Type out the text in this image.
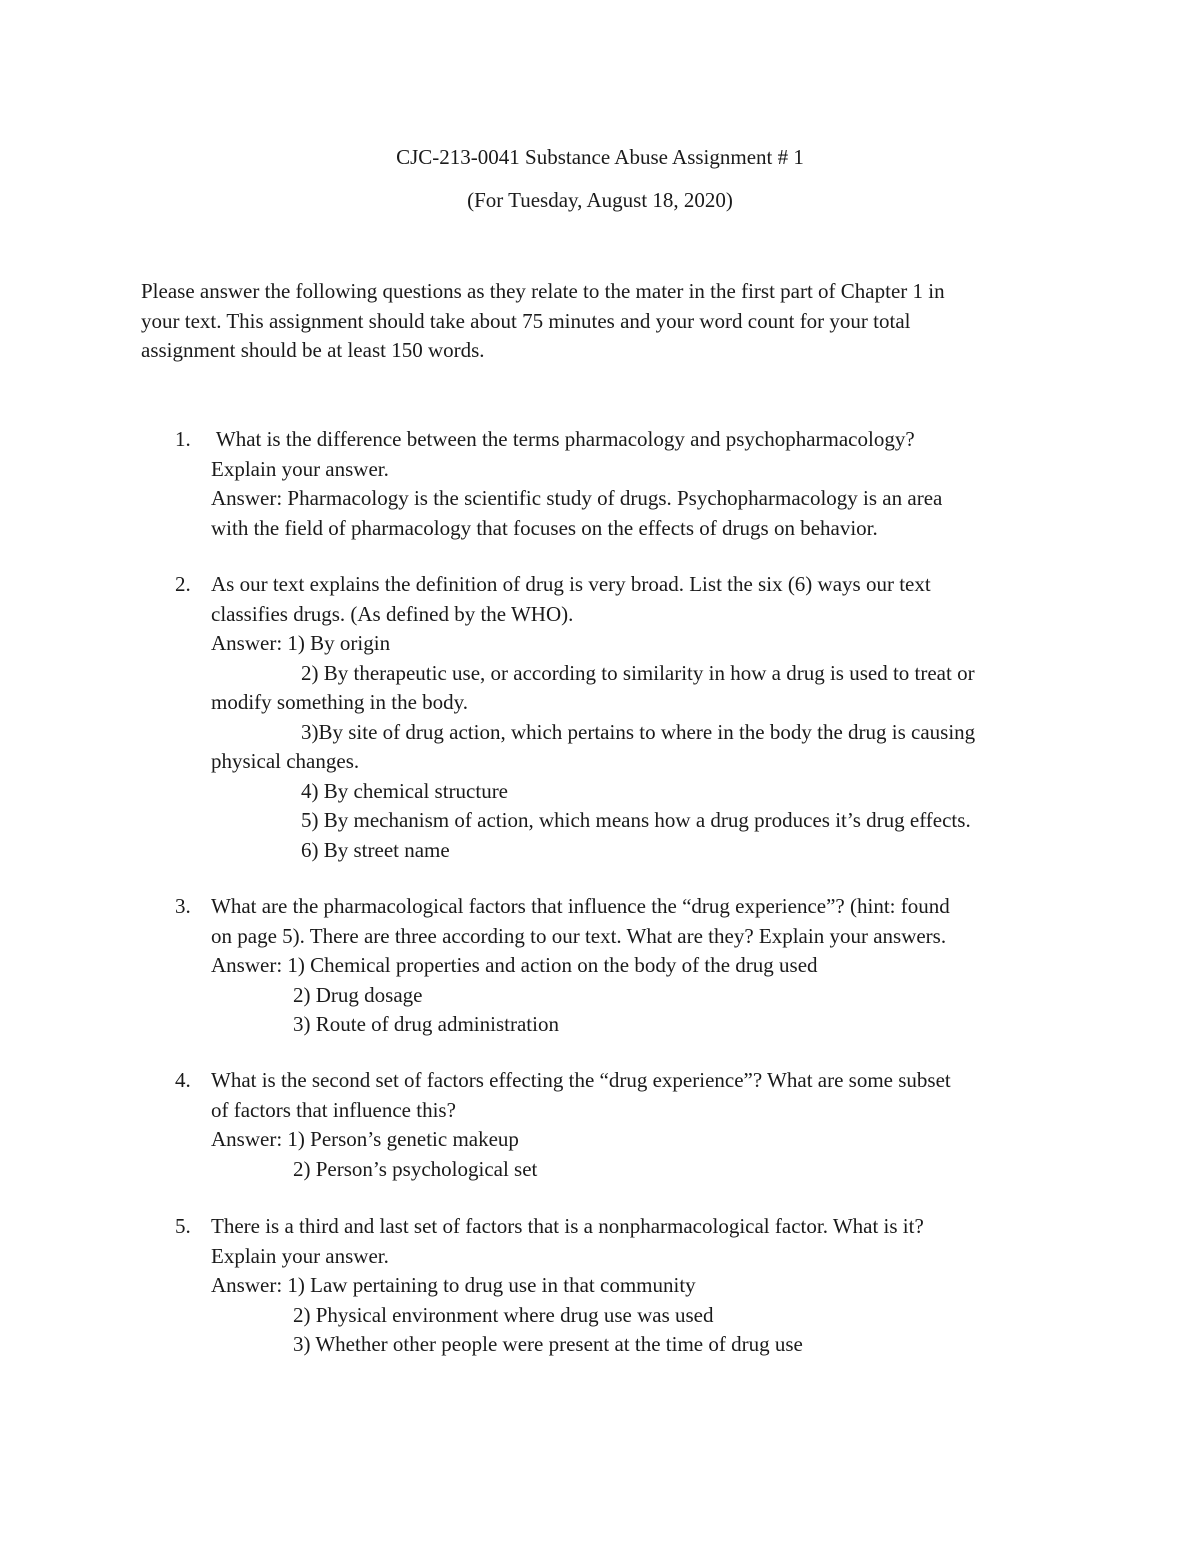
CJC-213-0041 Substance Abuse Assignment # 1
(For Tuesday, August 18, 2020)
Please answer the following questions as they relate to the mater in the first part of Chapter 1 in
your text. This assignment should take about 75 minutes and your word count for your total
assignment should be at least 150 words.
1. What is the difference between the terms pharmacology and psychopharmacology?
Explain your answer.
Answer: Pharmacology is the scientific study of drugs. Psychopharmacology is an area
with the field of pharmacology that focuses on the effects of drugs on behavior.
2. As our text explains the definition of drug is very broad. List the six (6) ways our text
classifies drugs. (As defined by the WHO).
Answer: 1) By origin
2) By therapeutic use, or according to similarity in how a drug is used to treat or
modify something in the body.
3)By site of drug action, which pertains to where in the body the drug is causing
physical changes.
4) By chemical structure
5) By mechanism of action, which means how a drug produces it’s drug effects.
6) By street name
3. What are the pharmacological factors that influence the “drug experience”? (hint: found
on page 5). There are three according to our text. What are they? Explain your answers.
Answer: 1) Chemical properties and action on the body of the drug used
2) Drug dosage
3) Route of drug administration
4. What is the second set of factors effecting the “drug experience”? What are some subset
of factors that influence this?
Answer: 1) Person’s genetic makeup
2) Person’s psychological set
5. There is a third and last set of factors that is a nonpharmacological factor. What is it?
Explain your answer.
Answer: 1) Law pertaining to drug use in that community
2) Physical environment where drug use was used
3) Whether other people were present at the time of drug use
